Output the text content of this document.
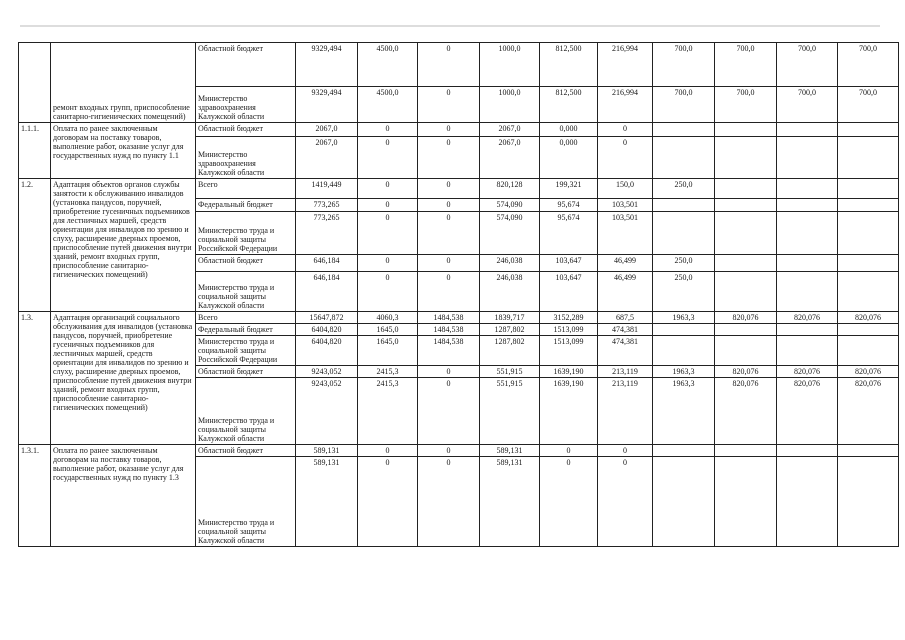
	ремонт входных групп, приспособление санитарно-гигиенических помещений)	Областной бюджет	9329,494	4500,0	0	1000,0	812,500	216,994	700,0	700,0	700,0	700,0
		Министерство здравоохранения Калужской области	9329,494	4500,0	0	1000,0	812,500	216,994	700,0	700,0	700,0	700,0
1.1.1.	Оплата по ранее заключенным договорам на поставку товаров, выполнение работ, оказание услуг для государственных нужд по пункту 1.1	Областной бюджет	2067,0	0	0	2067,0	0,000	0				
		Министерство здравоохранения Калужской области	2067,0	0	0	2067,0	0,000	0				
1.2.	Адаптация объектов органов службы занятости к обслуживанию инвалидов (установка пандусов, поручней, приобретение гусеничных подъемников для лестничных маршей, средств ориентации для инвалидов по зрению и слуху, расширение дверных проемов, приспособление путей движения внутри зданий, ремонт входных групп, приспособление санитарно-гигиенических помещений)	Всего	1419,449	0	0	820,128	199,321	150,0	250,0			
		Федеральный бюджет	773,265	0	0	574,090	95,674	103,501				
		Министерство труда и социальной защиты Российской Федерации	773,265	0	0	574,090	95,674	103,501				
		Областной бюджет	646,184	0	0	246,038	103,647	46,499	250,0			
		Министерство труда и социальной защиты Калужской области	646,184	0	0	246,038	103,647	46,499	250,0			
1.3.	Адаптация организаций социального обслуживания для инвалидов (установка пандусов, поручней, приобретение гусеничных подъемников для лестничных маршей, средств ориентации для инвалидов по зрению и слуху, расширение дверных проемов, приспособление путей движения внутри зданий, ремонт входных групп, приспособление санитарно-гигиенических помещений)	Всего	15647,872	4060,3	1484,538	1839,717	3152,289	687,5	1963,3	820,076	820,076	820,076
		Федеральный бюджет	6404,820	1645,0	1484,538	1287,802	1513,099	474,381				
		Министерство труда и социальной защиты Российской Федерации	6404,820	1645,0	1484,538	1287,802	1513,099	474,381				
		Областной бюджет	9243,052	2415,3	0	551,915	1639,190	213,119	1963,3	820,076	820,076	820,076
		Министерство труда и социальной защиты Калужской области	9243,052	2415,3	0	551,915	1639,190	213,119	1963,3	820,076	820,076	820,076
1.3.1.	Оплата по ранее заключенным договорам на поставку товаров, выполнение работ, оказание услуг для государственных нужд по пункту 1.3	Областной бюджет	589,131	0	0	589,131	0	0				
		Министерство труда и социальной защиты Калужской области	589,131	0	0	589,131	0	0				
